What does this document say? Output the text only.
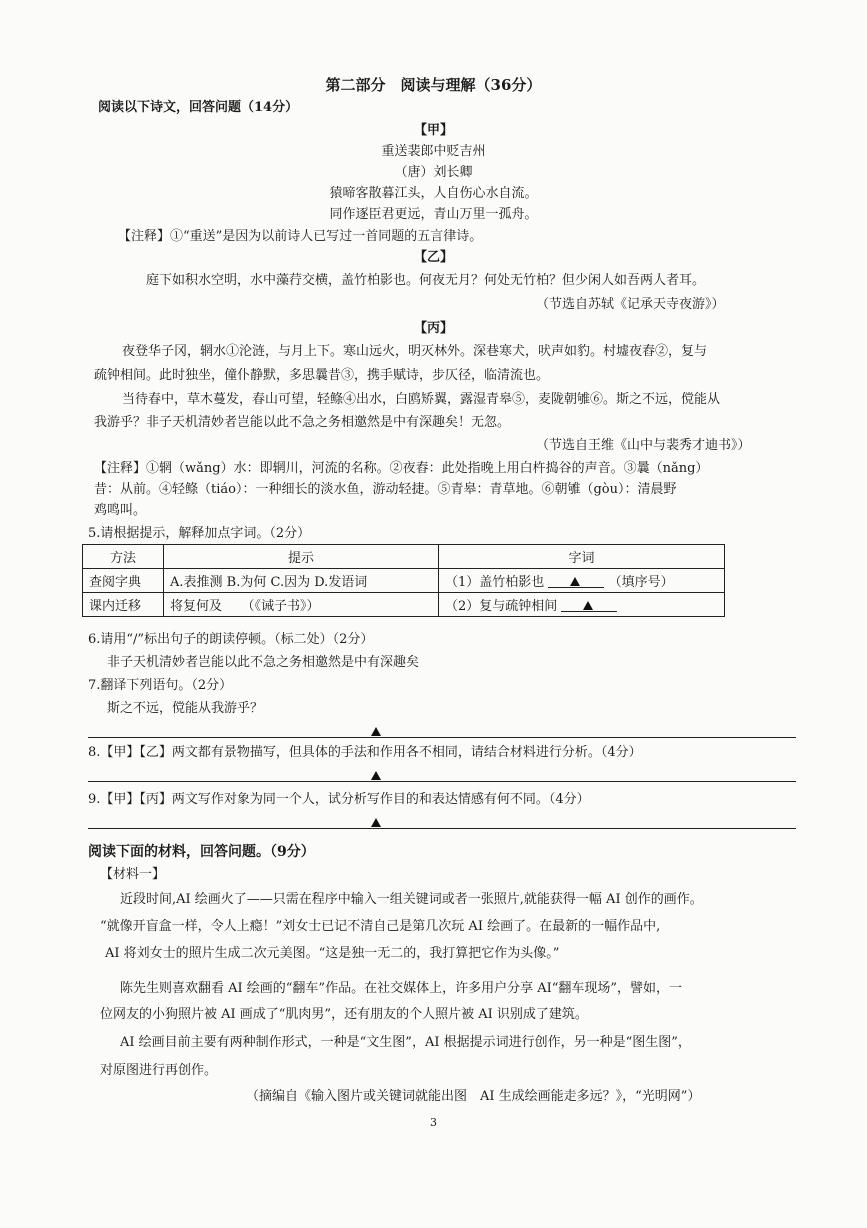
第二部分　阅读与理解（36分）
阅读以下诗文，回答问题（14分）
【甲】
重送裴郎中贬吉州
（唐）刘长卿
猿啼客散暮江头，人自伤心水自流。
同作逐臣君更远，青山万里一孤舟。
【注释】①“重送”是因为以前诗人已写过一首同题的五言律诗。
【乙】
庭下如积水空明，水中藻荇交横，盖竹柏影也。何夜无月？何处无竹柏？但少闲人如吾两人者耳。
（节选自苏轼《记承天寺夜游》）
【丙】
夜登华子冈，辋水①沦涟，与月上下。寒山远火，明灭林外。深巷寒犬，吠声如豹。村墟夜舂②，复与
疏钟相间。此时独坐，僮仆静默，多思曩昔③，携手赋诗，步仄径，临清流也。
当待春中，草木蔓发，春山可望，轻鲦④出水，白鸥矫翼，露湿青皋⑤，麦陇朝雊⑥。斯之不远，傥能从
我游乎？非子天机清妙者岂能以此不急之务相邀然是中有深趣矣！无忽。
（节选自王维《山中与裴秀才迪书》）
【注释】①辋（wǎng）水：即辋川，河流的名称。②夜舂：此处指晚上用白杵捣谷的声音。③曩（nǎng）
昔：从前。④轻鲦（tiáo）：一种细长的淡水鱼，游动轻捷。⑤青皋：青草地。⑥朝雊（gòu）：清晨野
鸡鸣叫。
5.请根据提示，解释加点字词。（2分）
方法	提示	字词
查阅字典	A.表推测 B.为何 C.因为 D.发语词	（1）盖竹柏影也 （填序号）
课内迁移	将复何及　　（《诫子书》）	（2）复与疏钟相间
6.请用“/”标出句子的朗读停顿。（标二处）（2分）
非子天机清妙者岂能以此不急之务相邀然是中有深趣矣
7.翻译下列语句。（2分）
斯之不远，傥能从我游乎？
8.【甲】【乙】两文都有景物描写，但具体的手法和作用各不相同，请结合材料进行分析。（4分）
9.【甲】【丙】两文写作对象为同一个人，试分析写作目的和表达情感有何不同。（4分）
阅读下面的材料，回答问题。（9分）
【材料一】
近段时间,AI 绘画火了——只需在程序中输入一组关键词或者一张照片,就能获得一幅 AI 创作的画作。
“就像开盲盒一样，令人上瘾！”刘女士已记不清自己是第几次玩 AI 绘画了。在最新的一幅作品中,
AI 将刘女士的照片生成二次元美图。“这是独一无二的，我打算把它作为头像。”
陈先生则喜欢翻看 AI 绘画的“翻车”作品。在社交媒体上，许多用户分享 AI“翻车现场”，譬如，一
位网友的小狗照片被 AI 画成了“肌肉男”，还有朋友的个人照片被 AI 识别成了建筑。
AI 绘画目前主要有两种制作形式，一种是“文生图”，AI 根据提示词进行创作，另一种是“图生图”，
对原图进行再创作。
（摘编自《输入图片或关键词就能出图　AI 生成绘画能走多远？》，“光明网”）
3
